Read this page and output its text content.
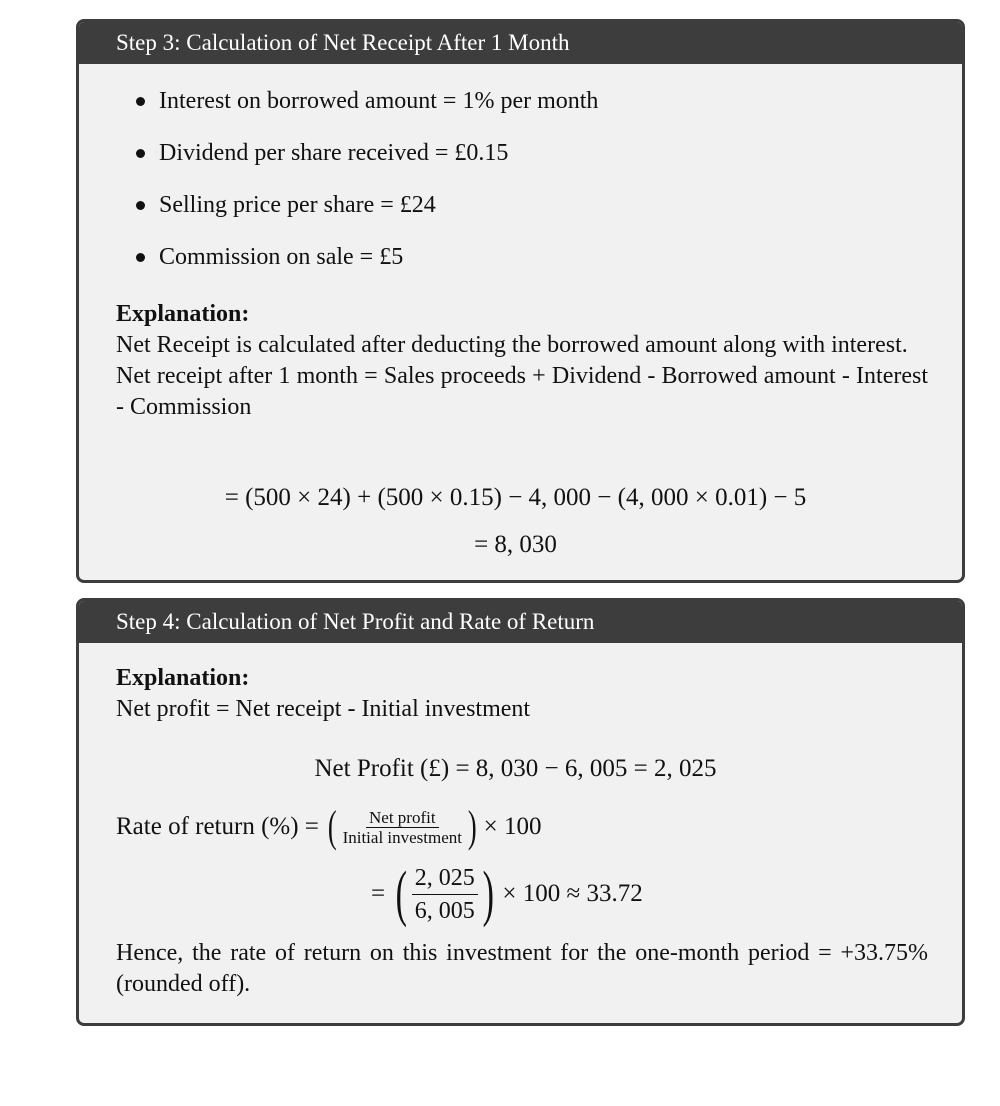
Step 3: Calculation of Net Receipt After 1 Month
Interest on borrowed amount = 1% per month
Dividend per share received = £0.15
Selling price per share = £24
Commission on sale = £5
Explanation:
Net Receipt is calculated after deducting the borrowed amount along with interest.
Net receipt after 1 month = Sales proceeds + Dividend - Borrowed amount - Interest - Commission
= (500 × 24) + (500 × 0.15) − 4, 000 − (4, 000 × 0.01) − 5
= 8, 030
Step 4: Calculation of Net Profit and Rate of Return
Explanation:
Net profit = Net receipt - Initial investment
Net Profit (£) = 8, 030 − 6, 005 = 2, 025
Rate of return (%) = ( $\frac{\text{Net profit}}{\text{Initial investment}}$ ) × 100
= ( $\frac{2, 025}{6, 005}$ ) × 100 ≈ 33.72
Hence, the rate of return on this investment for the one-month period = +33.75% (rounded off).
